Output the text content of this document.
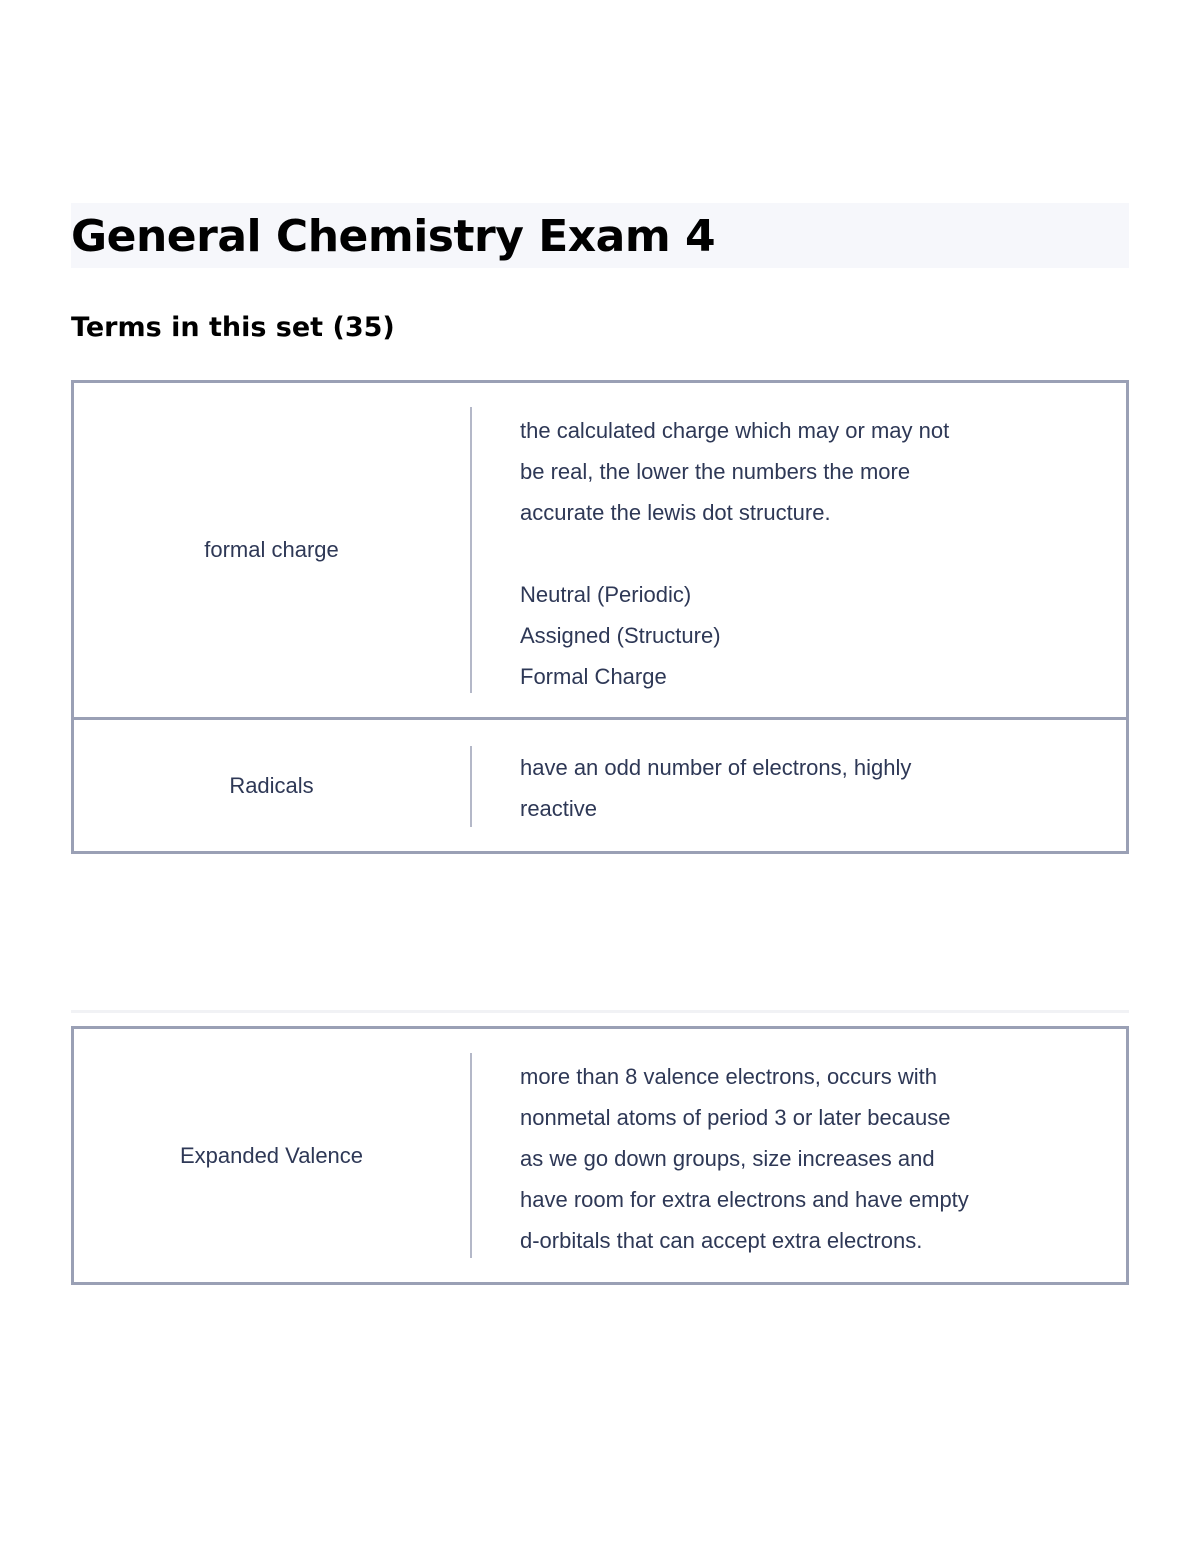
General Chemistry Exam 4
Terms in this set (35)
formal charge
the calculated charge which may or may not
be real, the lower the numbers the more
accurate the lewis dot structure.

Neutral (Periodic)
Assigned (Structure)
Formal Charge
Radicals
have an odd number of electrons, highly
reactive
Expanded Valence
more than 8 valence electrons, occurs with
nonmetal atoms of period 3 or later because
as we go down groups, size increases and
have room for extra electrons and have empty
d-orbitals that can accept extra electrons.
